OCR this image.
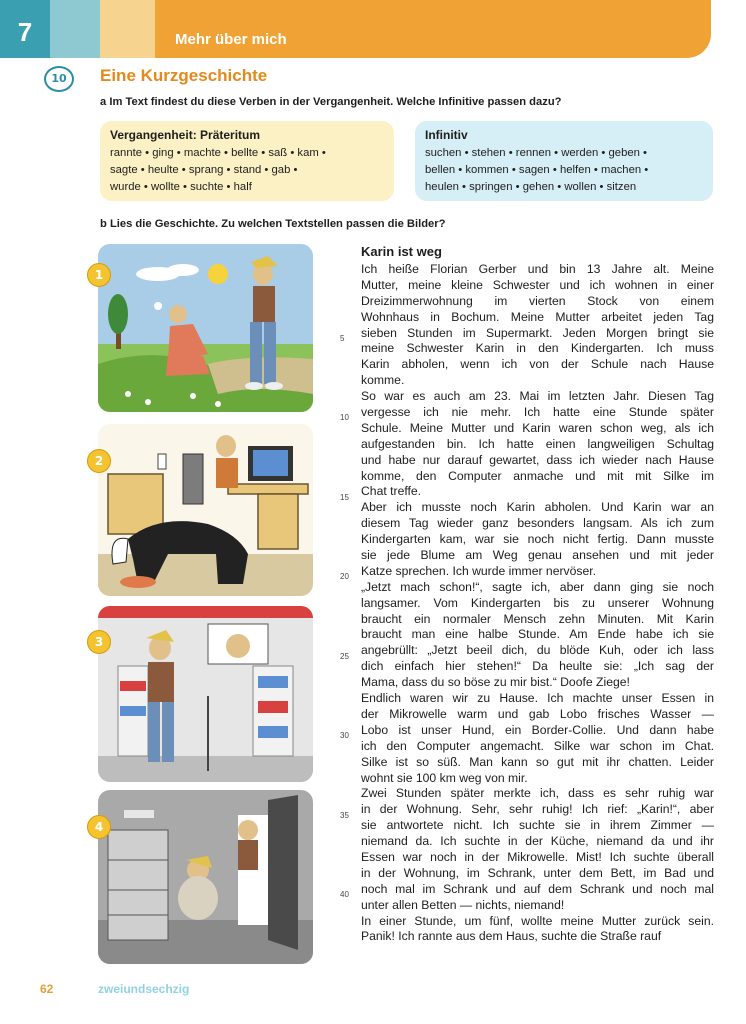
7	Mehr über mich
10	Eine Kurzgeschichte
a Im Text findest du diese Verben in der Vergangenheit. Welche Infinitive passen dazu?
Vergangenheit: Präteritum
rannte • ging • machte • bellte • saß • kam •
sagte • heulte • sprang • stand • gab •
wurde • wollte • suchte • half
Infinitiv
suchen • stehen • rennen • werden • geben •
bellen • kommen • sagen • helfen • machen •
heulen • springen • gehen • wollen • sitzen
b Lies die Geschichte. Zu welchen Textstellen passen die Bilder?
1
2
3
4
Karin ist weg
Ich heiße Florian Gerber und bin 13 Jahre alt. Meine
Mutter, meine kleine Schwester und ich wohnen in einer
Dreizimmerwohnung im vierten Stock von einem
Wohnhaus in Bochum. Meine Mutter arbeitet jeden Tag
sieben Stunden im Supermarkt. Jeden Morgen bringt sie
meine Schwester Karin in den Kindergarten. Ich muss
Karin abholen, wenn ich von der Schule nach Hause
komme.
So war es auch am 23. Mai im letzten Jahr. Diesen Tag
vergesse ich nie mehr. Ich hatte eine Stunde später
Schule. Meine Mutter und Karin waren schon weg, als ich
aufgestanden bin. Ich hatte einen langweiligen Schultag
und habe nur darauf gewartet, dass ich wieder nach Hause
komme, den Computer anmache und mit mit Silke im
Chat treffe.
Aber ich musste noch Karin abholen. Und Karin war an
diesem Tag wieder ganz besonders langsam. Als ich zum
Kindergarten kam, war sie noch nicht fertig. Dann musste
sie jede Blume am Weg genau ansehen und mit jeder
Katze sprechen. Ich wurde immer nervöser.
„Jetzt mach schon!“, sagte ich, aber dann ging sie noch
langsamer. Vom Kindergarten bis zu unserer Wohnung
braucht ein normaler Mensch zehn Minuten. Mit Karin
braucht man eine halbe Stunde. Am Ende habe ich sie
angebrüllt: „Jetzt beeil dich, du blöde Kuh, oder ich lass
dich einfach hier stehen!“ Da heulte sie: „Ich sag der
Mama, dass du so böse zu mir bist.“ Doofe Ziege!
Endlich waren wir zu Hause. Ich machte unser Essen in
der Mikrowelle warm und gab Lobo frisches Wasser —
Lobo ist unser Hund, ein Border-Collie. Und dann habe
ich den Computer angemacht. Silke war schon im Chat.
Silke ist so süß. Man kann so gut mit ihr chatten. Leider
wohnt sie 100 km weg von mir.
Zwei Stunden später merkte ich, dass es sehr ruhig war
in der Wohnung. Sehr, sehr ruhig! Ich rief: „Karin!“, aber
sie antwortete nicht. Ich suchte sie in ihrem Zimmer —
niemand da. Ich suchte in der Küche, niemand da und ihr
Essen war noch in der Mikrowelle. Mist! Ich suchte überall
in der Wohnung, im Schrank, unter dem Bett, im Bad und
noch mal im Schrank und auf dem Schrank und noch mal
unter allen Betten — nichts, niemand!
In einer Stunde, um fünf, wollte meine Mutter zurück sein.
Panik! Ich rannte aus dem Haus, suchte die Straße rauf
5
10
15
20
25
30
35
40
62	zweiundsechzig
